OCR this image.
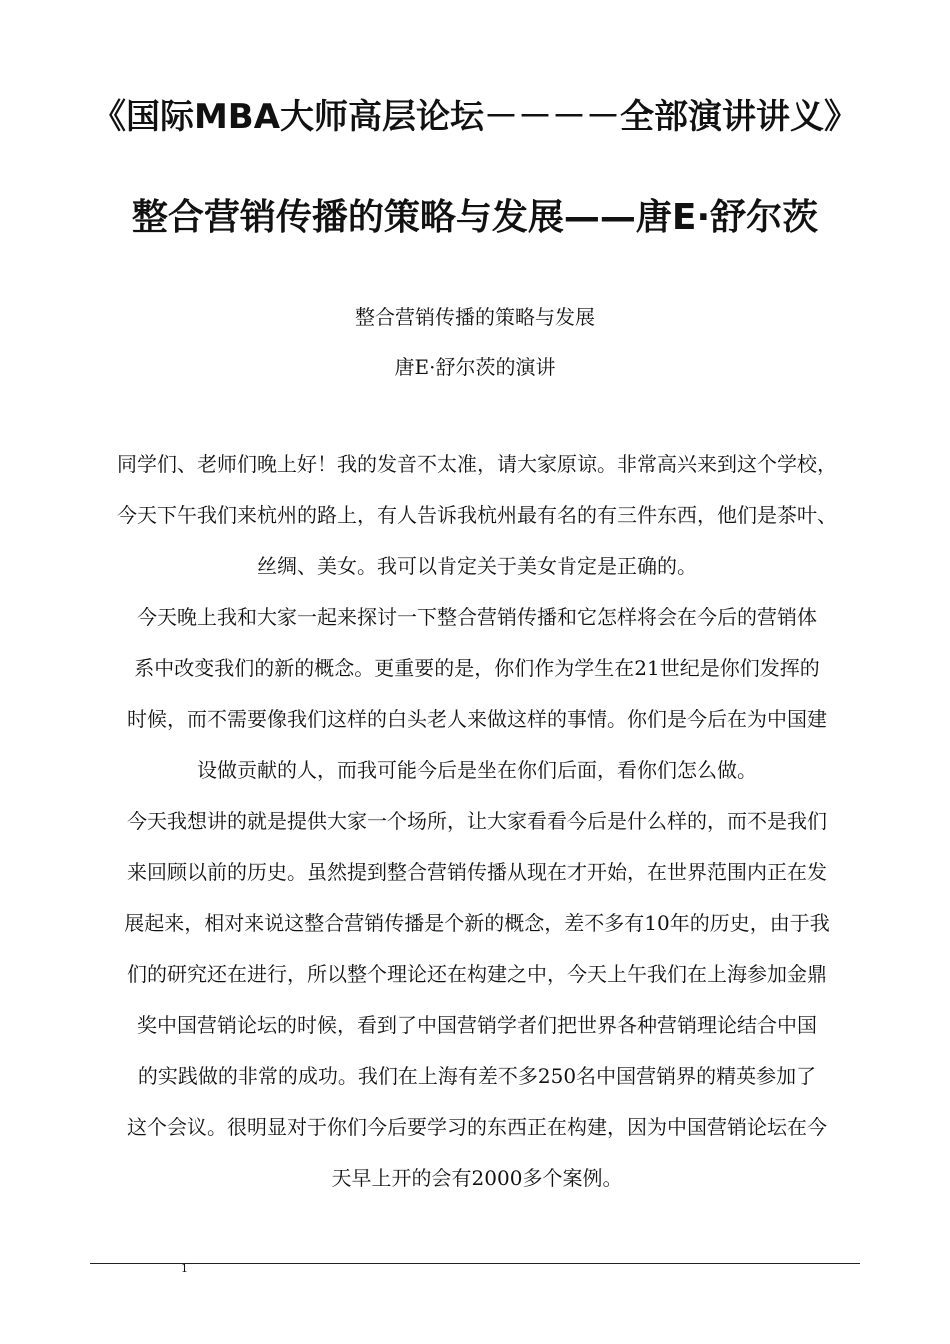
《国际MBA大师高层论坛－－－－全部演讲讲义》
整合营销传播的策略与发展——唐E·舒尔茨
整合营销传播的策略与发展
唐E·舒尔茨的演讲
同学们、老师们晚上好！我的发音不太准，请大家原谅。非常高兴来到这个学校，
今天下午我们来杭州的路上，有人告诉我杭州最有名的有三件东西，他们是茶叶、
丝绸、美女。我可以肯定关于美女肯定是正确的。
今天晚上我和大家一起来探讨一下整合营销传播和它怎样将会在今后的营销体
系中改变我们的新的概念。更重要的是，你们作为学生在21世纪是你们发挥的
时候，而不需要像我们这样的白头老人来做这样的事情。你们是今后在为中国建
设做贡献的人，而我可能今后是坐在你们后面，看你们怎么做。
今天我想讲的就是提供大家一个场所，让大家看看今后是什么样的，而不是我们
来回顾以前的历史。虽然提到整合营销传播从现在才开始，在世界范围内正在发
展起来，相对来说这整合营销传播是个新的概念，差不多有10年的历史，由于我
们的研究还在进行，所以整个理论还在构建之中，今天上午我们在上海参加金鼎
奖中国营销论坛的时候，看到了中国营销学者们把世界各种营销理论结合中国
的实践做的非常的成功。我们在上海有差不多250名中国营销界的精英参加了
这个会议。很明显对于你们今后要学习的东西正在构建，因为中国营销论坛在今
天早上开的会有2000多个案例。
1
